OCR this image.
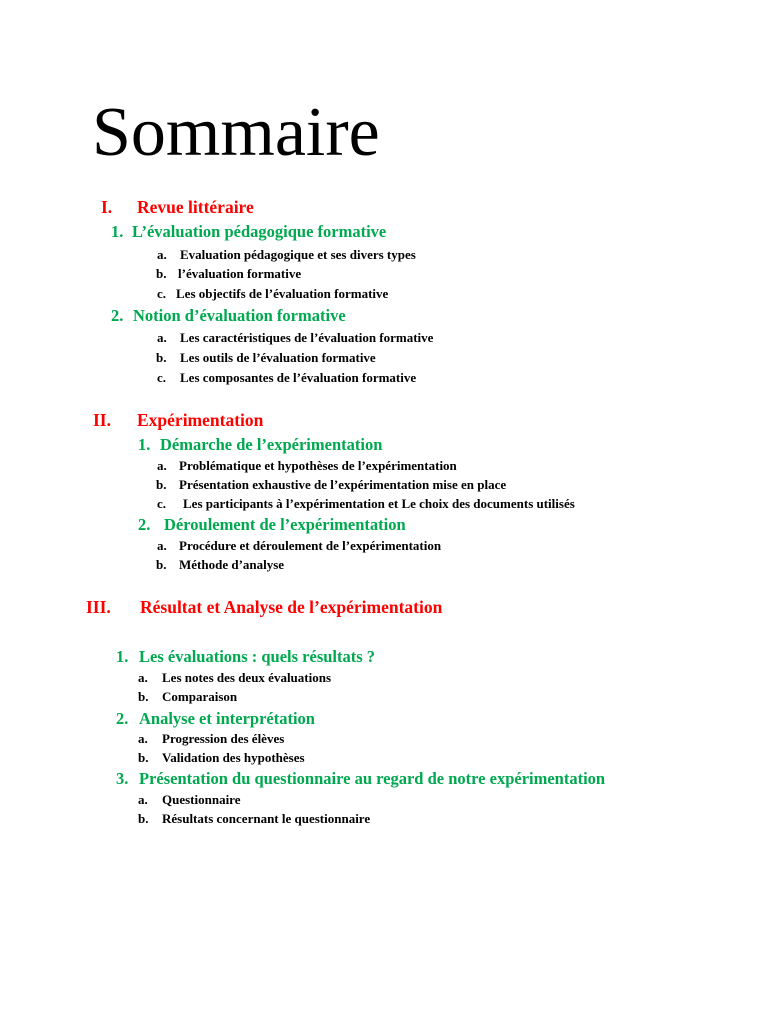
Sommaire
I. Revue littéraire
1. L’évaluation pédagogique formative
a. Evaluation pédagogique et ses divers types
b. l’évaluation formative
c. Les objectifs de l’évaluation formative
2. Notion d’évaluation formative
a. Les caractéristiques de l’évaluation formative
b. Les outils de l’évaluation formative
c. Les composantes de l’évaluation formative
II. Expérimentation
1. Démarche de l’expérimentation
a. Problématique et hypothèses de l’expérimentation
b. Présentation exhaustive de l’expérimentation mise en place
c. Les participants à l’expérimentation et Le choix des documents utilisés
2. Déroulement de l’expérimentation
a. Procédure et déroulement de l’expérimentation
b. Méthode d’analyse
III. Résultat et Analyse de l’expérimentation
1. Les évaluations : quels résultats ?
a. Les notes des deux évaluations
b. Comparaison
2. Analyse et interprétation
a. Progression des élèves
b. Validation des hypothèses
3. Présentation du questionnaire au regard de notre expérimentation
a. Questionnaire
b. Résultats concernant le questionnaire
